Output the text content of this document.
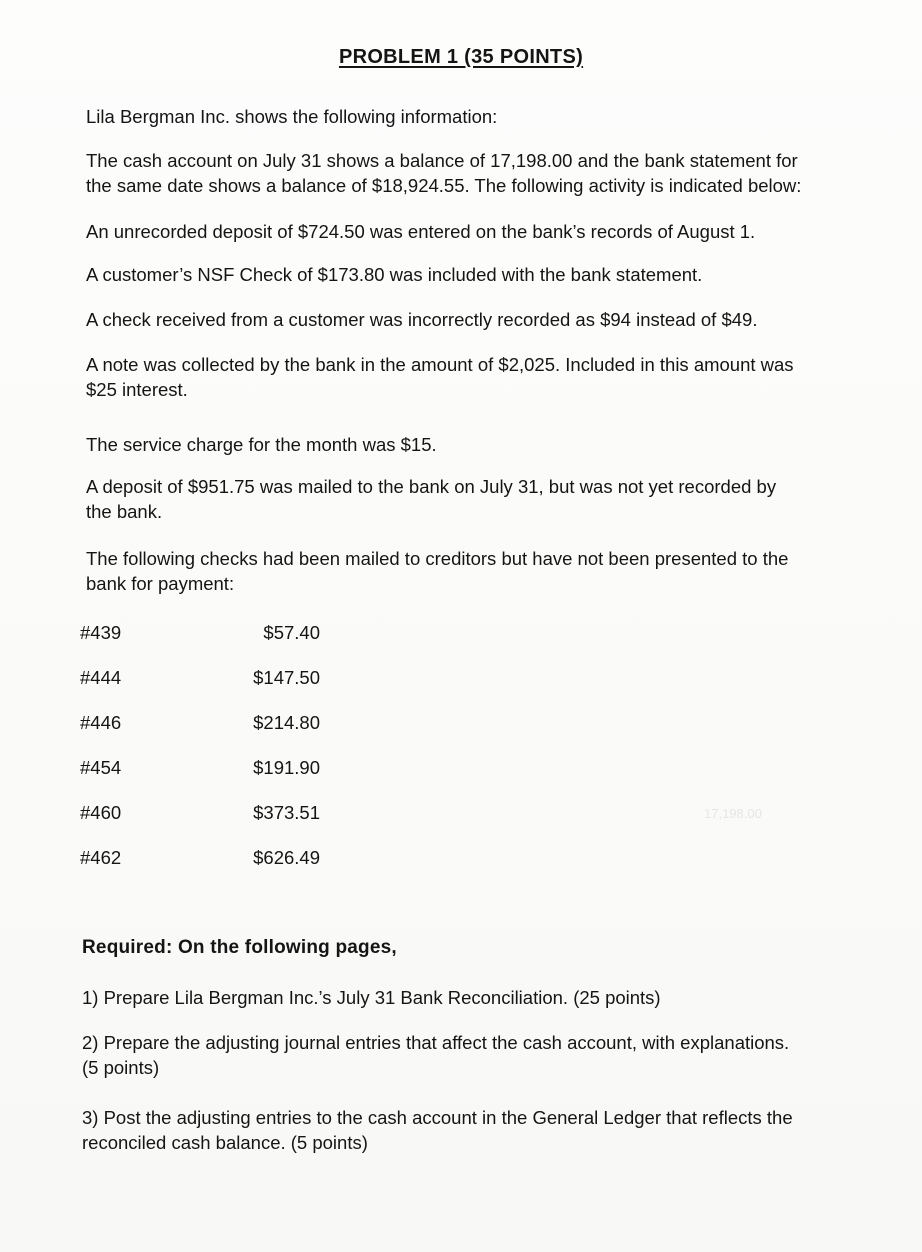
PROBLEM 1 (35 POINTS)
Lila Bergman Inc. shows the following information:
The cash account on July 31 shows a balance of 17,198.00 and the bank statement for
the same date shows a balance of $18,924.55. The following activity is indicated below:
An unrecorded deposit of $724.50 was entered on the bank’s records of August 1.
A customer’s NSF Check of $173.80 was included with the bank statement.
A check received from a customer was incorrectly recorded as $94 instead of $49.
A note was collected by the bank in the amount of $2,025. Included in this amount was
$25 interest.
The service charge for the month was $15.
A deposit of $951.75 was mailed to the bank on July 31, but was not yet recorded by
the bank.
The following checks had been mailed to creditors but have not been presented to the
bank for payment:
#439	$57.40
#444	$147.50
#446	$214.80
#454	$191.90
#460	$373.51
#462	$626.49
17,198.00
Required: On the following pages,
1) Prepare Lila Bergman Inc.’s July 31 Bank Reconciliation. (25 points)
2) Prepare the adjusting journal entries that affect the cash account, with explanations.
(5 points)
3) Post the adjusting entries to the cash account in the General Ledger that reflects the
reconciled cash balance. (5 points)
